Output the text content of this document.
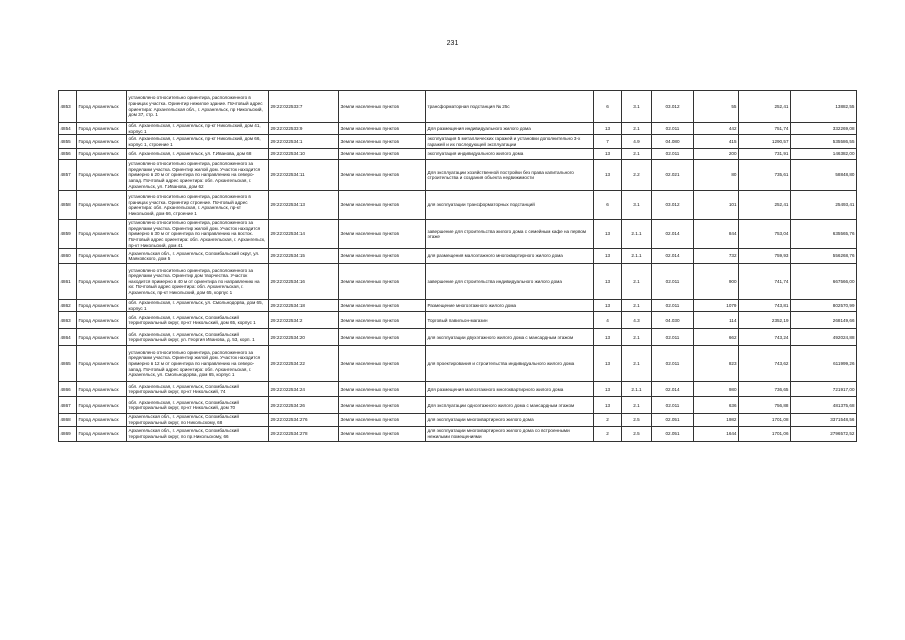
231
4853	Город Архангельск	установлено относительно ориентира, расположенного в границах участка. Ориентир нежилое здание. Почтовый адрес ориентира: Архангельская обл., г. Архангельск, пр Никольский, дом 37, стр. 1	29:22:022533:7	Земли населенных пунктов	трансформаторная подстанция № 25с	6	3.1	03.012	55	252,41	13882,55
4854	Город Архангельск	обл. Архангельская, г. Архангельск, пр-кт Никольский, дом 41, корпус 1	29:22:022533:9	Земли населенных пунктов	Для размещения индивидуального жилого дома	13	2.1	02.011	442	751,74	332269,08
4855	Город Архангельск	обл. Архангельская, г. Архангельск, пр-кт Никольский, дом 66, корпус 1, строение 1	29:22:022534:1	Земли населенных пунктов	эксплуатация 5 металлических гаражей и установки дополнительно 3-х гаражей и их последующей эксплуатации	7	4.9	04.080	415	1290,57	535586,55
4856	Город Архангельск	обл. Архангельская, г. Архангельск, ул. Г.Иванова, дом 68	29:22:022534:10	Земли населенных пунктов	эксплуатация индивидуального жилого дома	13	2.1	02.011	200	731,91	146382,00
4857	Город Архангельск	установлено относительно ориентира, расположенного за пределами участка. Ориентир жилой дом. Участок находится примерно в 20 м от ориентира по направлению на северо-запад. Почтовый адрес ориентира: обл. Архангельская, г. Архангельск, ул. Г.Иванова, дом 62	29:22:022534:11	Земли населенных пунктов	Для эксплуатации хозяйственной постройки без права капитального строительства и создания объекта недвижимости	13	2.2	02.021	80	735,61	58848,80
4858	Город Архангельск	установлено относительно ориентира, расположенного в границах участка. Ориентир строение. Почтовый адрес ориентира: обл. Архангельская, г. Архангельск, пр-кт Никольский, дом 66, строение 1	29:22:022534:13	Земли населенных пунктов	для эксплуатации трансформаторных подстанций	6	3.1	03.012	101	252,41	25493,41
4859	Город Архангельск	установлено относительно ориентира, расположенного за пределами участка. Ориентир жилой дом. Участок находится примерно в 30 м от ориентира по направлению на восток. Почтовый адрес ориентира: обл. Архангельская, г. Архангельск, пр-кт Никольский, дом 41	29:22:022534:14	Земли населенных пунктов	завершение для строительства жилого дома с семейным кафе на первом этаже	13	2.1.1	02.014	844	753,04	635565,76
4860	Город Архангельск	Архангельская обл., г. Архангельск, Соломбальский округ, ул. Маяковского, дом 5	29:22:022534:15	Земли населенных пунктов	для размещения малоэтажного многоквартирного жилого дома	13	2.1.1	02.014	732	759,93	556268,76
4861	Город Архангельск	установлено относительно ориентира, расположенного за пределами участка. Ориентир дом творчества. Участок находится примерно в 40 м от ориентира по направлению на юг. Почтовый адрес ориентира: обл. Архангельская, г. Архангельск, пр-кт Никольский, дом 65, корпус 1	29:22:022534:16	Земли населенных пунктов	завершение для строительства индивидуального жилого дома	13	2.1	02.011	900	741,74	667566,00
4862	Город Архангельск	обл. Архангельская, г. Архангельск, ул. Смольнодорва, дом 65, корпус 1	29:22:022534:18	Земли населенных пунктов	Размещение многоэтажного жилого дома	13	2.1	02.011	1079	743,81	802570,99
4863	Город Архангельск	обл. Архангельская, г. Архангельск, Соломбальский территориальный округ, пр-кт Никольский, дом 65, корпус 1	29:22:022534:2	Земли населенных пунктов	Торговый павильон-магазин	4	4.3	04.030	114	2352,19	268149,66
4864	Город Архангельск	обл. Архангельская, г. Архангельск, Соломбальский территориальный округ, ул. Георгия Иванова, д. 53, корп. 1	29:22:022534:20	Земли населенных пунктов	для эксплуатации двухэтажного жилого дома с мансардным этажом	13	2.1	02.011	662	743,24	492024,88
4865	Город Архангельск	установлено относительно ориентира, расположенного за пределами участка. Ориентир жилой дом. Участок находится примерно в 12 м от ориентира по направлению на северо-запад. Почтовый адрес ориентира: обл. Архангельская, г. Архангельск, ул. Смольнодорва, дом 65, корпус 1	29:22:022534:22	Земли населенных пунктов	для проектирования и строительства индивидуального жилого дома	13	2.1	02.011	823	743,62	611999,26
4866	Город Архангельск	обл. Архангельская, г. Архангельск, Соломбальский территориальный округ, пр-кт Никольский, 74	29:22:022534:24	Земли населенных пунктов	Для размещения малоэтажного многоквартирного жилого дома	13	2.1.1	02.014	980	736,65	721917,00
4867	Город Архангельск	обл. Архангельская, г. Архангельск, Соломбальский территориальный округ, пр-кт Никольский, дом 70	29:22:022534:26	Земли населенных пунктов	Для эксплуатации одноэтажного жилого дома с мансардным этажом	13	2.1	02.011	636	756,88	481375,68
4868	Город Архангельск	Архангельская обл., г. Архангельск, Соломбальский территориальный округ, по Никольскому, 68	29:22:022534:276	Земли населенных пунктов	для эксплуатации многоквартирного жилого дома	2	2.5	02.051	1982	1701,08	3371548,56
4869	Город Архангельск	Архангельская обл., г. Архангельск, Соломбальский территориальный округ, по пр.Никольскому, 66	29:22:022534:278	Земли населенных пунктов	для эксплуатации многоквартирного жилого дома со встроенными нежилыми помещениями	2	2.5	02.051	1644	1701,06	2796572,52
